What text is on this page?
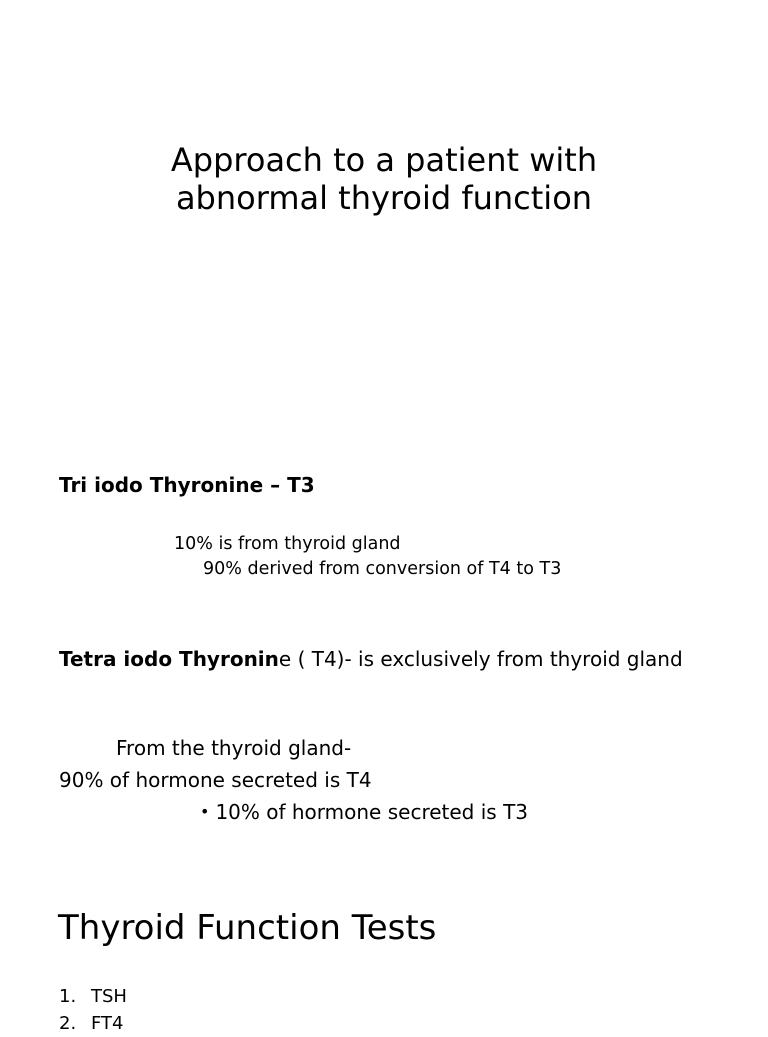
Approach to a patient with
abnormal thyroid function
Tri iodo Thyronine – T3
10% is from thyroid gland
90% derived from conversion of T4 to T3
Tetra iodo Thyronine ( T4)- is exclusively from thyroid gland
From the thyroid gland-
90% of hormone secreted is T4
• 10% of hormone secreted is T3
Thyroid Function Tests
1. TSH
2. FT4
